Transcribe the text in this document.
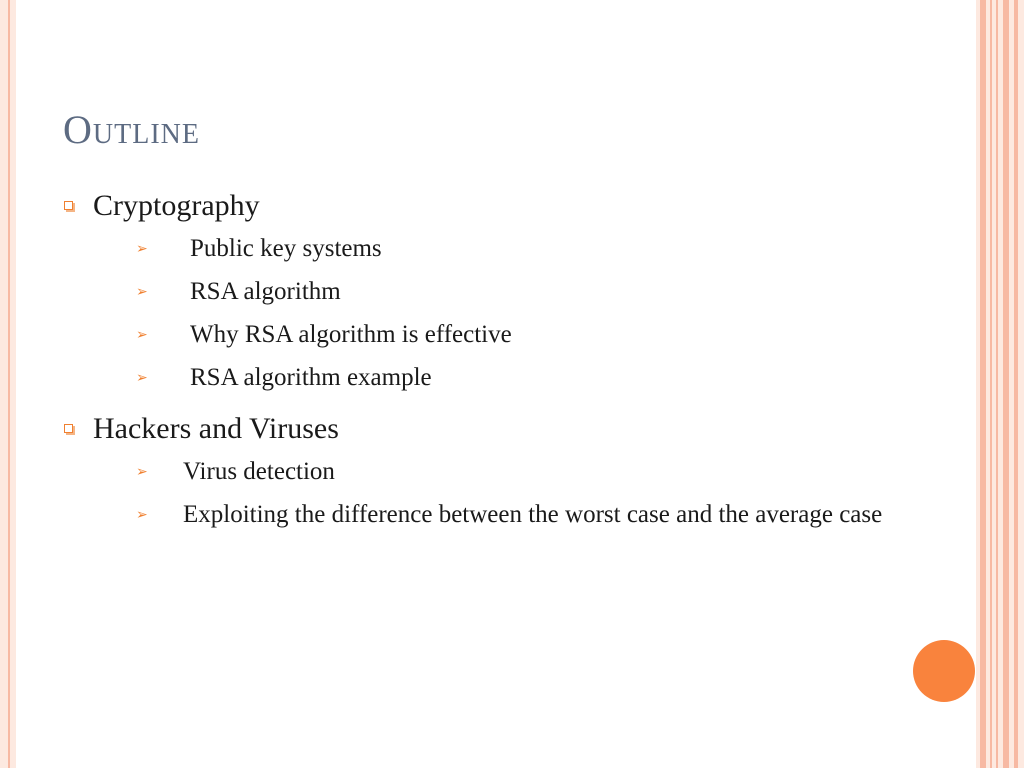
Outline
Cryptography
➢	Public key systems
➢	RSA algorithm
➢	Why RSA algorithm is effective
➢	RSA algorithm example
Hackers and Viruses
➢	Virus detection
➢	Exploiting the difference between the worst case and the average case
